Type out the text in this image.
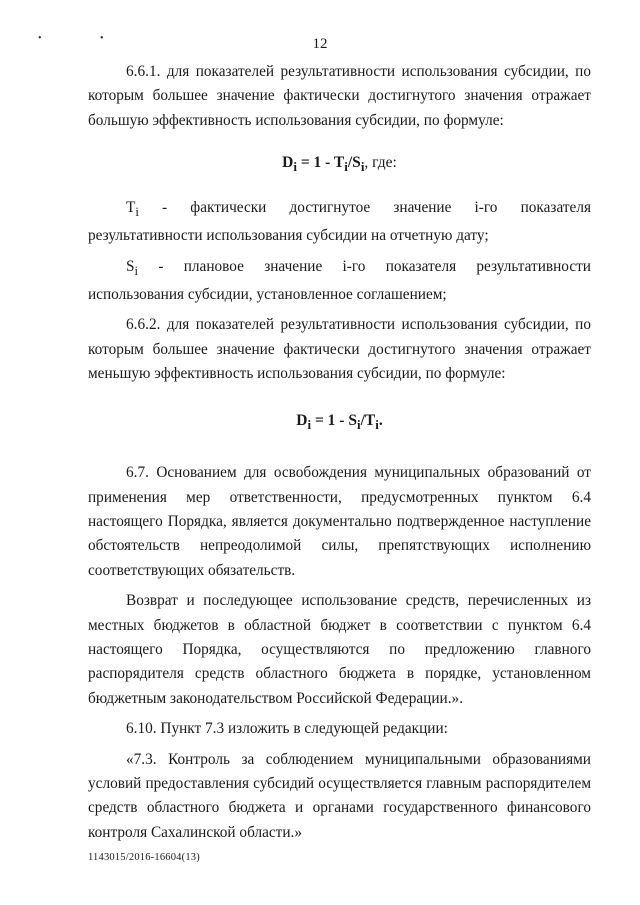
• •	12

6.6.1. для показателей результативности использования субсидии, по которым большее значение фактически достигнутого значения отражает большую эффективность использования субсидии, по формуле:

$D_i = 1 - T_i/S_i$, где:

$T_i$ - фактически достигнутое значение i-го показателя результативности использования субсидии на отчетную дату;

$S_i$ - плановое значение i-го показателя результативности использования субсидии, установленное соглашением;

6.6.2. для показателей результативности использования субсидии, по которым большее значение фактически достигнутого значения отражает меньшую эффективность использования субсидии, по формуле:

$D_i = 1 - S_i/T_i$.

6.7. Основанием для освобождения муниципальных образований от применения мер ответственности, предусмотренных пунктом 6.4 настоящего Порядка, является документально подтвержденное наступление обстоятельств непреодолимой силы, препятствующих исполнению соответствующих обязательств.

Возврат и последующее использование средств, перечисленных из местных бюджетов в областной бюджет в соответствии с пунктом 6.4 настоящего Порядка, осуществляются по предложению главного распорядителя средств областного бюджета в порядке, установленном бюджетным законодательством Российской Федерации.».

6.10. Пункт 7.3 изложить в следующей редакции:

«7.3. Контроль за соблюдением муниципальными образованиями условий предоставления субсидий осуществляется главным распорядителем средств областного бюджета и органами государственного финансового контроля Сахалинской области.»

1143015/2016-16604(13)
